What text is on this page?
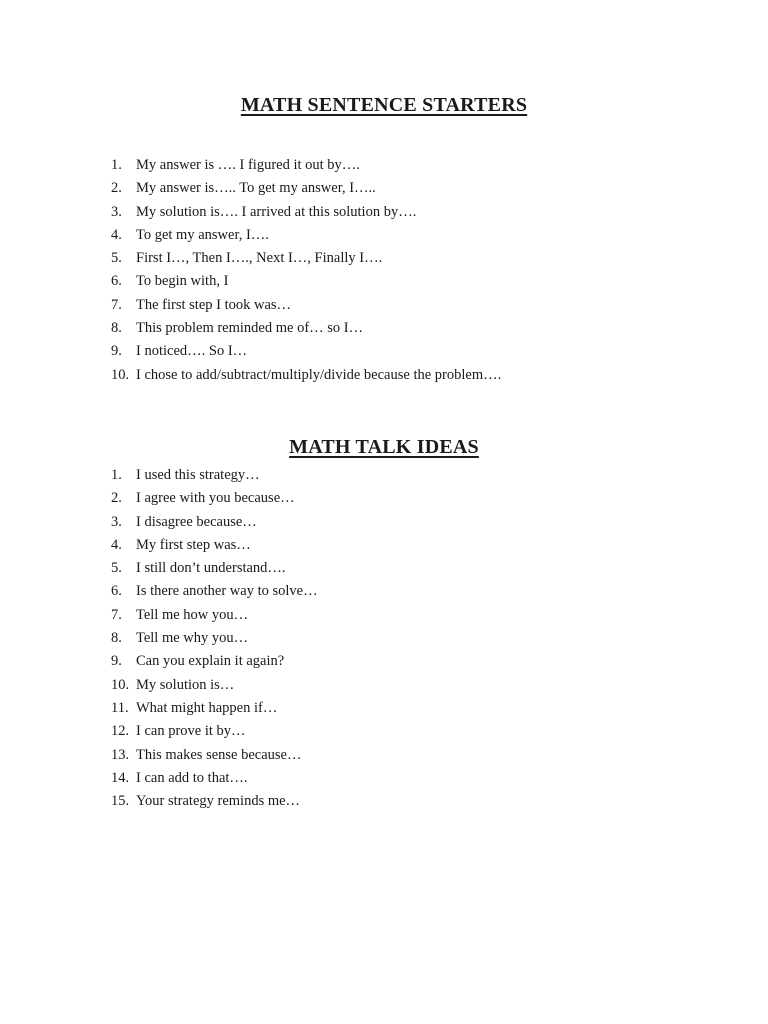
MATH SENTENCE STARTERS
1. My answer is …. I figured it out by….
2. My answer is….. To get my answer, I…..
3. My solution is…. I arrived at this solution by….
4. To get my answer, I….
5. First I…, Then I…., Next I…, Finally I….
6. To begin with, I
7. The first step I took was…
8. This problem reminded me of… so I…
9. I noticed…. So I…
10. I chose to add/subtract/multiply/divide because the problem….
MATH TALK IDEAS
1. I used this strategy…
2. I agree with you because…
3. I disagree because…
4. My first step was…
5. I still don’t understand….
6. Is there another way to solve…
7. Tell me how you…
8. Tell me why you…
9. Can you explain it again?
10. My solution is…
11. What might happen if…
12. I can prove it by…
13. This makes sense because…
14. I can add to that….
15. Your strategy reminds me…
